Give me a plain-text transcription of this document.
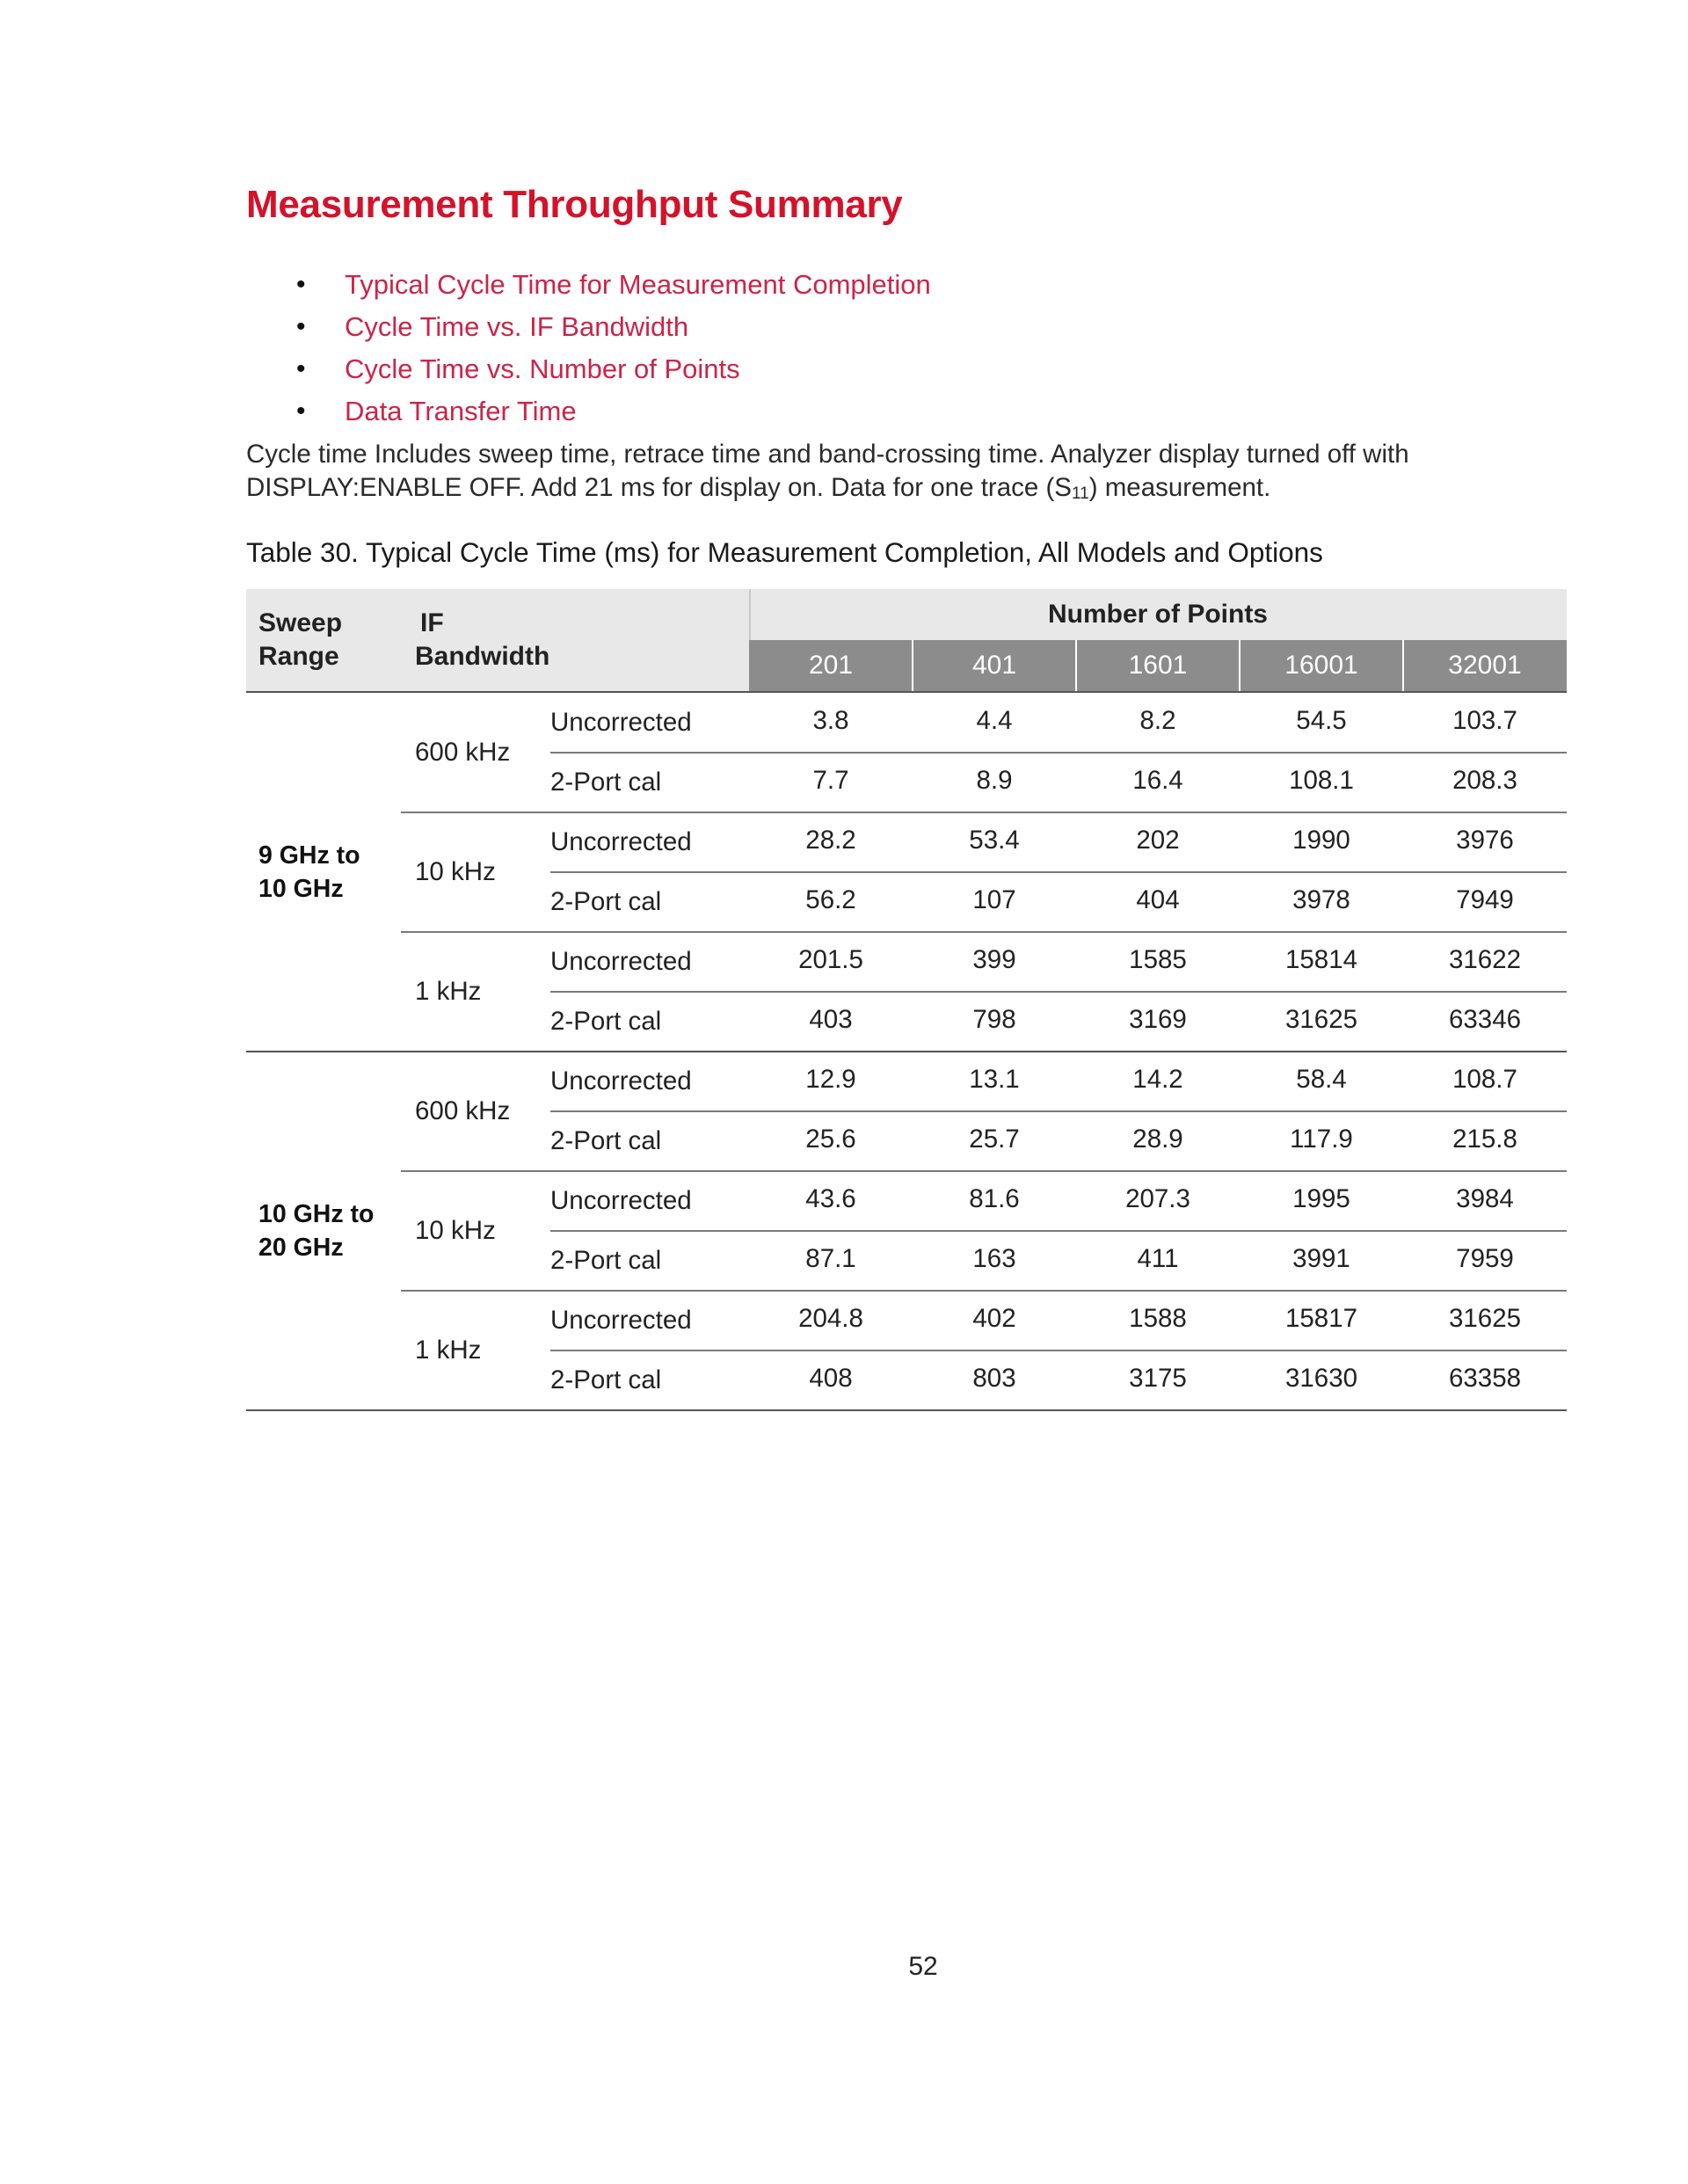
Measurement Throughput Summary
• Typical Cycle Time for Measurement Completion
• Cycle Time vs. IF Bandwidth
• Cycle Time vs. Number of Points
• Data Transfer Time

Cycle time Includes sweep time, retrace time and band-crossing time. Analyzer display turned off with
DISPLAY:ENABLE OFF. Add 21 ms for display on. Data for one trace $(S_{11})$ measurement.

Table 30. Typical Cycle Time (ms) for Measurement Completion, All Models and Options

Sweep
Range
IF
Bandwidth
Number of Points
201	401	1601	16001	32001
9 GHz to
10 GHz
600 kHz
Uncorrected	3.8	4.4	8.2	54.5	103.7
2-Port cal	7.7	8.9	16.4	108.1	208.3
10 kHz
Uncorrected	28.2	53.4	202	1990	3976
2-Port cal	56.2	107	404	3978	7949
1 kHz
Uncorrected	201.5	399	1585	15814	31622
2-Port cal	403	798	3169	31625	63346
10 GHz to
20 GHz
600 kHz
Uncorrected	12.9	13.1	14.2	58.4	108.7
2-Port cal	25.6	25.7	28.9	117.9	215.8
10 kHz
Uncorrected	43.6	81.6	207.3	1995	3984
2-Port cal	87.1	163	411	3991	7959
1 kHz
Uncorrected	204.8	402	1588	15817	31625
2-Port cal	408	803	3175	31630	63358
52
